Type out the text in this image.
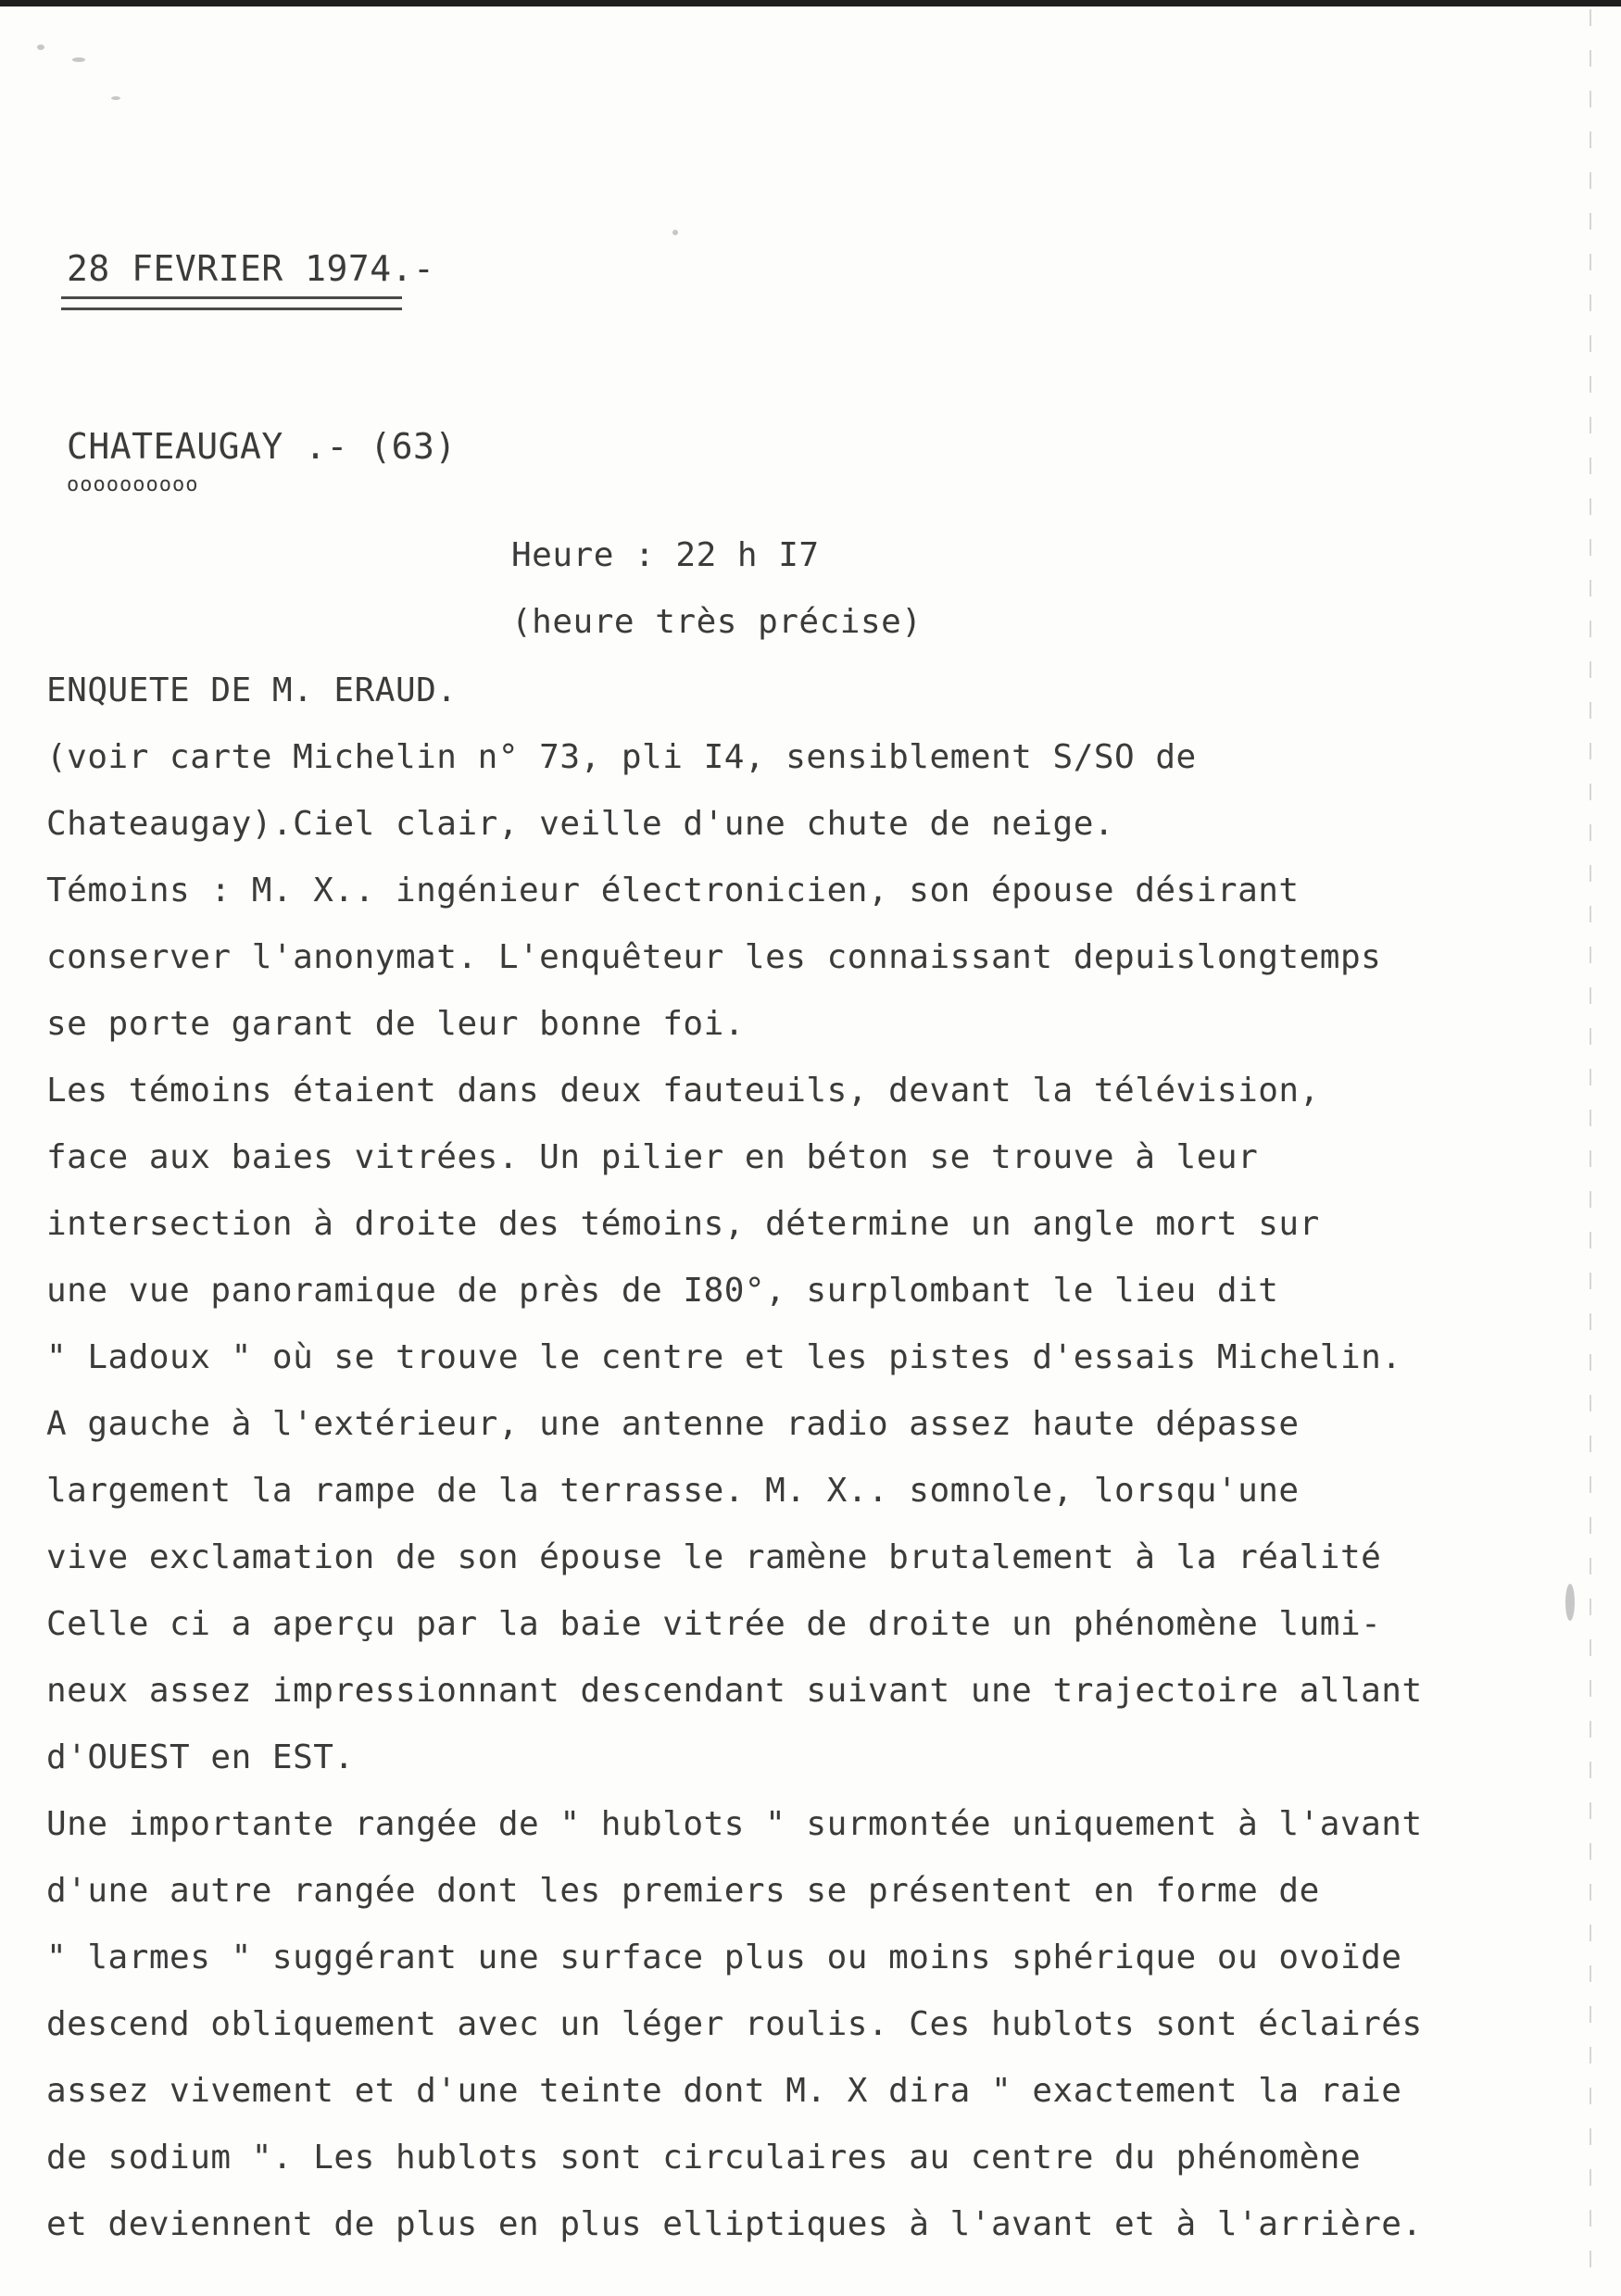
28 FEVRIER 1974.-
CHATEAUGAY .- (63)
oooooooooo
Heure : 22 h I7
(heure très précise)
ENQUETE DE M. ERAUD.
(voir carte Michelin n° 73, pli I4, sensiblement S/SO de
Chateaugay).Ciel clair, veille d'une chute de neige.
Témoins : M. X.. ingénieur électronicien, son épouse désirant
conserver l'anonymat. L'enquêteur les connaissant depuislongtemps
se porte garant de leur bonne foi.
Les témoins étaient dans deux fauteuils, devant la télévision,
face aux baies vitrées. Un pilier en béton se trouve à leur
intersection à droite des témoins, détermine un angle mort sur
une vue panoramique de près de I80°, surplombant le lieu dit
" Ladoux " où se trouve le centre et les pistes d'essais Michelin.
A gauche à l'extérieur, une antenne radio assez haute dépasse
largement la rampe de la terrasse. M. X.. somnole, lorsqu'une
vive exclamation de son épouse le ramène brutalement à la réalité
Celle ci a aperçu par la baie vitrée de droite un phénomène lumi-
neux assez impressionnant descendant suivant une trajectoire allant
d'OUEST en EST.
Une importante rangée de " hublots " surmontée uniquement à l'avant
d'une autre rangée dont les premiers se présentent en forme de
" larmes " suggérant une surface plus ou moins sphérique ou ovoïde
descend obliquement avec un léger roulis. Ces hublots sont éclairés
assez vivement et d'une teinte dont M. X dira " exactement la raie
de sodium ". Les hublots sont circulaires au centre du phénomène
et deviennent de plus en plus elliptiques à l'avant et à l'arrière.
